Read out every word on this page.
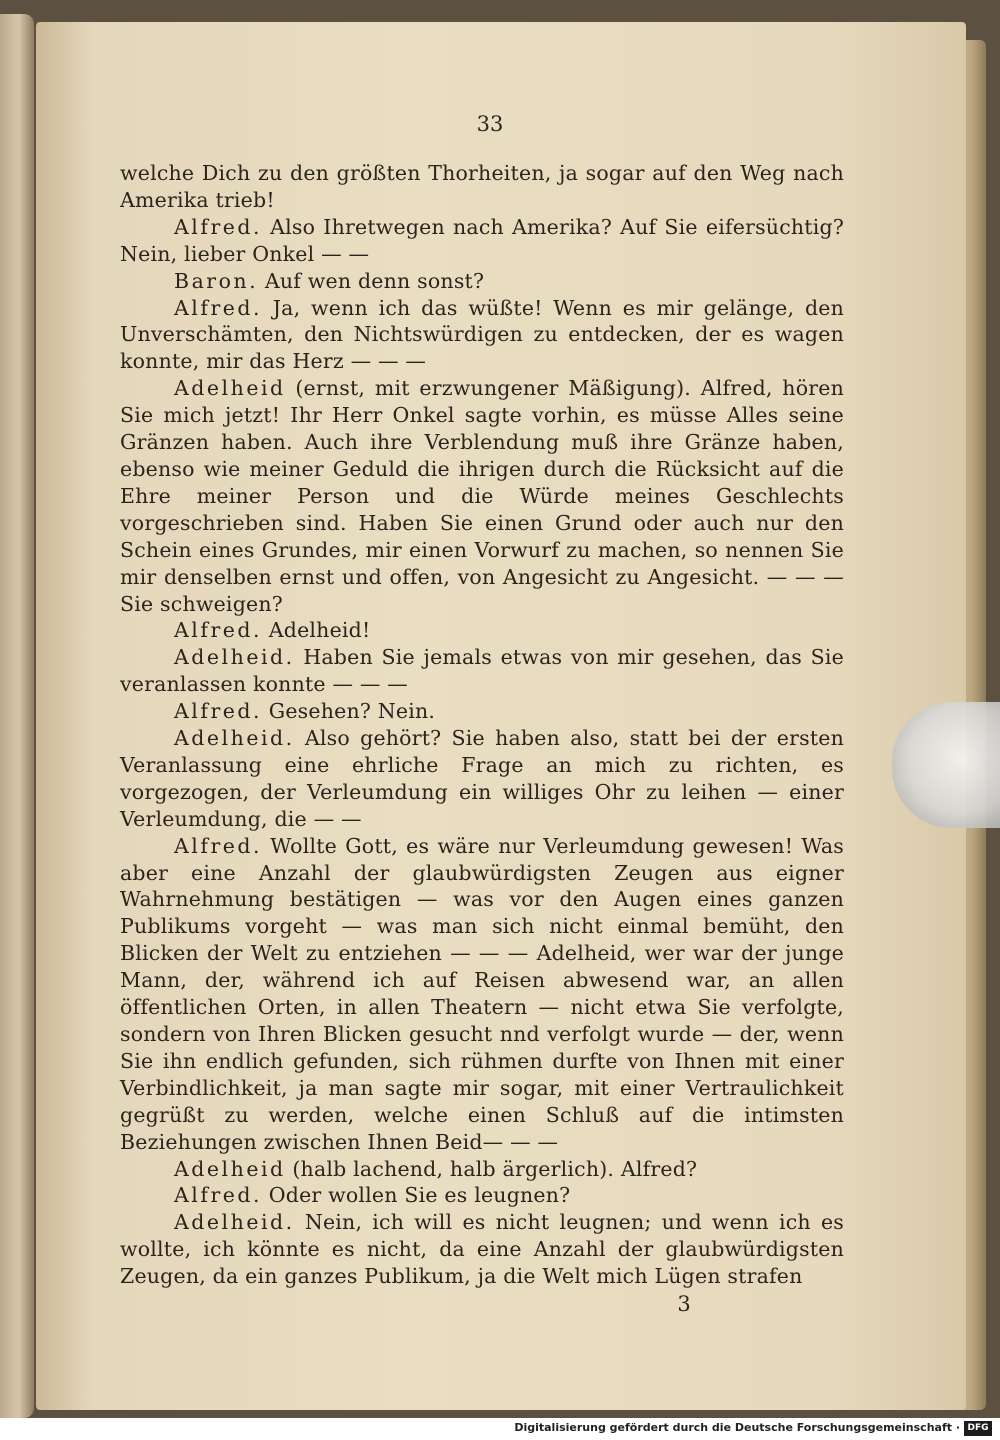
33

welche Dich zu den größten Thorheiten, ja sogar auf den Weg nach Amerika trieb!

Alfred. Also Ihretwegen nach Amerika? Auf Sie eifersüchtig? Nein, lieber Onkel — —

Baron. Auf wen denn sonst?

Alfred. Ja, wenn ich das wüßte! Wenn es mir gelänge, den Unverschämten, den Nichtswürdigen zu entdecken, der es wagen konnte, mir das Herz — — —

Adelheid (ernst, mit erzwungener Mäßigung). Alfred, hören Sie mich jetzt! Ihr Herr Onkel sagte vorhin, es müsse Alles seine Gränzen haben. Auch ihre Verblendung muß ihre Gränze haben, ebenso wie meiner Geduld die ihrigen durch die Rücksicht auf die Ehre meiner Person und die Würde meines Geschlechts vorgeschrieben sind. Haben Sie einen Grund oder auch nur den Schein eines Grundes, mir einen Vorwurf zu machen, so nennen Sie mir denselben ernst und offen, von Angesicht zu Angesicht. — — — Sie schweigen?

Alfred. Adelheid!

Adelheid. Haben Sie jemals etwas von mir gesehen, das Sie veranlassen konnte — — —

Alfred. Gesehen? Nein.

Adelheid. Also gehört? Sie haben also, statt bei der ersten Veranlassung eine ehrliche Frage an mich zu richten, es vorgezogen, der Verleumdung ein williges Ohr zu leihen — einer Verleumdung, die — —

Alfred. Wollte Gott, es wäre nur Verleumdung gewesen! Was aber eine Anzahl der glaubwürdigsten Zeugen aus eigner Wahrnehmung bestätigen — was vor den Augen eines ganzen Publikums vorgeht — was man sich nicht einmal bemüht, den Blicken der Welt zu entziehen — — — Adelheid, wer war der junge Mann, der, während ich auf Reisen abwesend war, an allen öffentlichen Orten, in allen Theatern — nicht etwa Sie verfolgte, sondern von Ihren Blicken gesucht nnd verfolgt wurde — der, wenn Sie ihn endlich gefunden, sich rühmen durfte von Ihnen mit einer Verbindlichkeit, ja man sagte mir sogar, mit einer Vertraulichkeit gegrüßt zu werden, welche einen Schluß auf die intimsten Beziehungen zwischen Ihnen Beid— — —

Adelheid (halb lachend, halb ärgerlich). Alfred?

Alfred. Oder wollen Sie es leugnen?

Adelheid. Nein, ich will es nicht leugnen; und wenn ich es wollte, ich könnte es nicht, da eine Anzahl der glaubwürdigsten Zeugen, da ein ganzes Publikum, ja die Welt mich Lügen strafen

3
Digitalisierung gefördert durch die Deutsche Forschungsgemeinschaft · DFG
